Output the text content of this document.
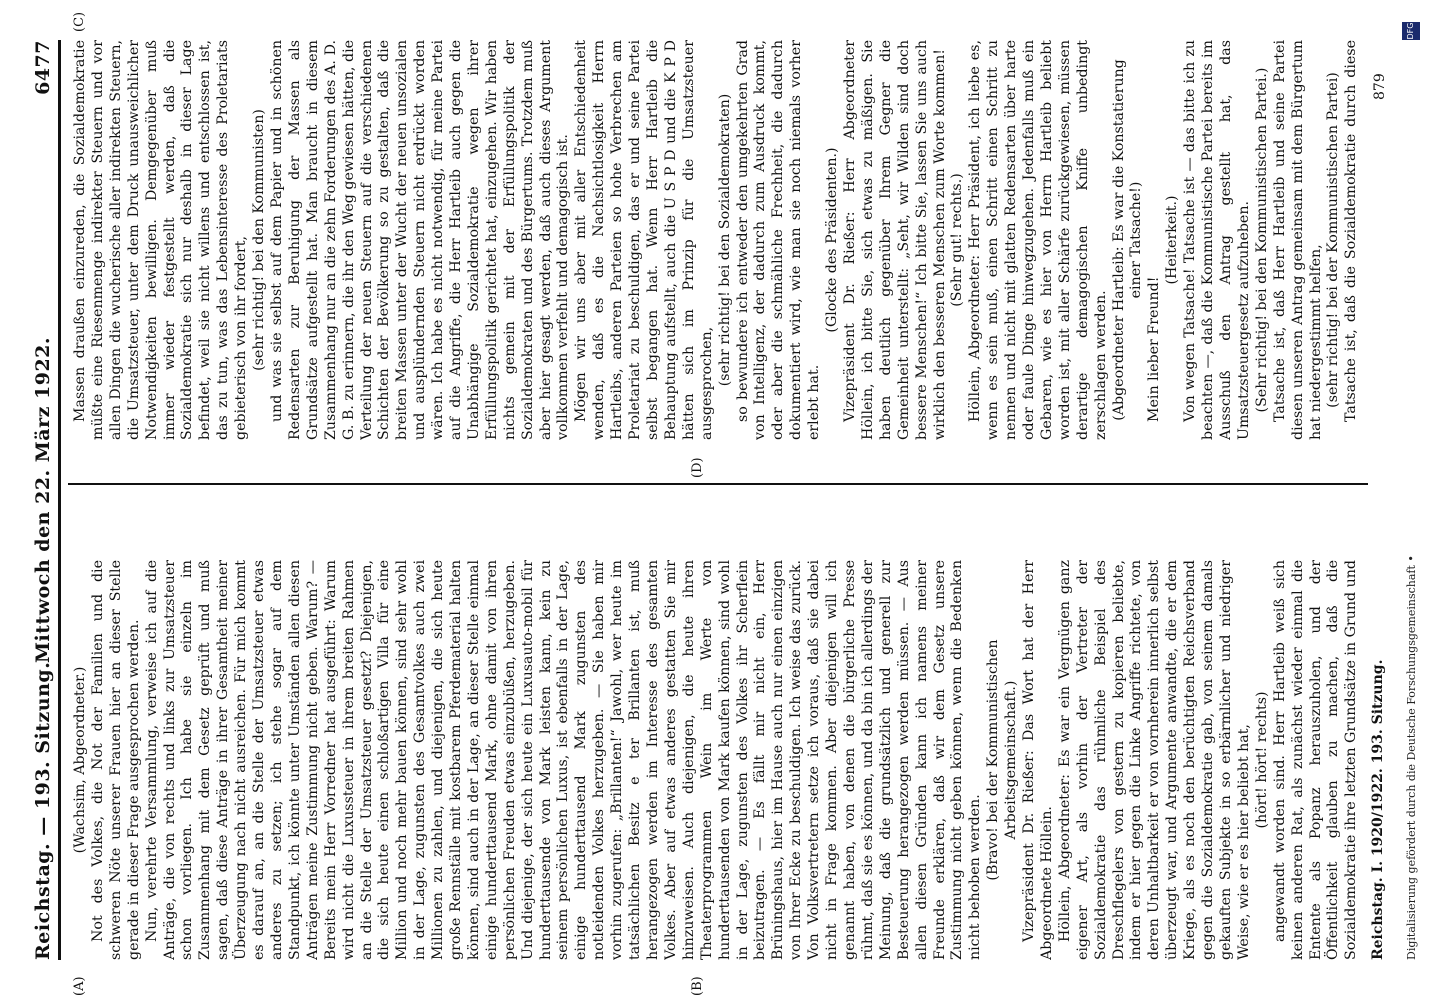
Reichstag. — 193. Sitzung.
Mittwoch den 22. März 1922.
6477
(A)	(B)
(C)
(D)

(Wachsim, Abgeordneter.) Not des Volkes, die Not der Familien und die schweren Nöte unserer Frauen hier an dieser Stelle gerade in dieser Frage ausgesprochen werden. Nun, verehrte Versammlung, verweise ich auf die Anträge, die von rechts und links zur Umsatzsteuer schon vorliegen. Ich habe sie einzeln im Zusammenhang mit dem Gesetz geprüft und muß sagen, daß diese Anträge in ihrer Gesamtheit meiner Überzeugung nach nicht ausreichen. Für mich kommt es darauf an, an die Stelle der Umsatzsteuer etwas anderes zu setzen; ich stehe sogar auf dem Standpunkt, ich könnte unter Umständen allen diesen Anträgen meine Zustimmung nicht geben. Warum? — Bereits mein Herr Vorredner hat ausgeführt: Warum wird nicht die Luxussteuer in ihrem breiten Rahmen an die Stelle der Umsatzsteuer gesetzt? Diejenigen, die sich heute einen schloßartigen Villa für eine Million und noch mehr bauen können, sind sehr wohl in der Lage, zugunsten des Gesamtvolkes auch zwei Millionen zu zahlen, und diejenigen, die sich heute große Rennställe mit kostbarem Pferdematerial halten können, sind auch in der Lage, an dieser Stelle einmal einige hunderttausend Mark, ohne damit von ihren persönlichen Freuden etwas einzubüßen, herzugeben. Und diejenige, der sich heute ein Luxusauto-mobil für hunderttausende von Mark leisten kann, kein zu seinem persönlichen Luxus, ist ebenfalls in der Lage, einige hunderttausend Mark zugunsten des notleidenden Volkes herzugeben. — Sie haben mir vorhin zugerufen: „Brillanten!“ Jawohl, wer heute im tatsächlichen Besitz e ter Brillanten ist, muß herangezogen werden im Interesse des gesamten Volkes. Aber auf etwas anderes gestatten Sie mir hinzuweisen. Auch diejenigen, die heute ihren Theaterprogrammen Wein im Werte von hunderttausenden von Mark kaufen können, sind wohl in der Lage, zugunsten des Volkes ihr Scherflein beizutragen. — Es fällt mir nicht ein, Herr Brüningshaus, hier im Hause auch nur einen einzigen von Ihrer Ecke zu beschuldigen. Ich weise das zurück. Von Volksvertretern setze ich voraus, daß sie dabei nicht in Frage kommen. Aber diejenigen will ich genannt haben, von denen die bürgerliche Presse rühmt, daß sie es können, und da bin ich allerdings der Meinung, daß die grundsätzlich und generell zur Besteuerung herangezogen werden müssen. — Aus allen diesen Gründen kann ich namens meiner Freunde erklären, daß wir dem Gesetz unsere Zustimmung nicht geben können, wenn die Bedenken nicht behoben werden. (Bravo! bei der Kommunistischen Arbeitsgemeinschaft.) Vizepräsident Dr. Rießer: Das Wort hat der Herr Abgeordnete Höllein. Höllein, Abgeordneter: Es war ein Vergnügen ganz eigener Art, als vorhin der Vertreter der Sozialdemokratie das rühmliche Beispiel des Dreschflegelers von gestern zu kopieren beliebte, indem er hier gegen die Linke Angriffe richtete, von deren Unhaltbarkeit er von vornherein innerlich selbst überzeugt war, und Argumente anwandte, die er dem Kriege, als es noch den berüchtigten Reichsverband gegen die Sozialdemokratie gab, von seinem damals gekauften Subjekte in so erbärmlicher und niedriger Weise, wie er es hier beliebt hat, (hört! hört! rechts)

angewandt worden sind. Herr Hartleib weiß sich keinen anderen Rat, als zunächst wieder einmal die Entente als Popanz herauszuholen, und der Öffentlichkeit glauben zu machen, daß die Sozialdemokratie ihre letzten Grundsätze in Grund und

Massen draußen einzureden, die Sozialdemokratie müßte eine Riesenmenge indirekter Steuern und vor allen Dingen die wucherische aller indirekten Steuern, die Umsatzsteuer, unter dem Druck unausweichlicher Notwendigkeiten bewilligen. Demgegenüber muß immer wieder festgestellt werden, daß die Sozialdemokratie sich nur deshalb in dieser Lage befindet, weil sie nicht willens und entschlossen ist, das zu tun, was das Lebensinteresse des Proletariats gebieterisch von ihr fordert, (sehr richtig! bei den Kommunisten) und was sie selbst auf dem Papier und in schönen Redensarten zur Beruhigung der Massen als Grundsätze aufgestellt hat. Man braucht in diesem Zusammenhang nur an die zehn Forderungen des A. D. G. B. zu erinnern, die ihr den Weg gewiesen hätten, die Verteilung der neuen Steuern auf die verschiedenen Schichten der Bevölkerung so zu gestalten, daß die breiten Massen unter der Wucht der neuen unsozialen und ausplündernden Steuern nicht erdrückt worden wären. Ich habe es nicht notwendig, für meine Partei auf die Angriffe, die Herr Hartleib auch gegen die Unabhängige Sozialdemokratie wegen ihrer Erfüllungspolitik gerichtet hat, einzugehen. Wir haben nichts gemein mit der Erfüllungspolitik der Sozialdemokraten und des Bürgertums. Trotzdem muß aber hier gesagt werden, daß auch dieses Argument vollkommen verfehlt und demagogisch ist. Mögen wir uns aber mit aller Entschiedenheit wenden, daß es die Nachsichtlosigkeit Herrn Hartleibs, anderen Parteien so hohe Verbrechen am Proletariat zu beschuldigen, das er und seine Partei selbst begangen hat. Wenn Herr Hartleib die Behauptung aufstellt, auch die U S P D und die K P D hätten sich im Prinzip für die Umsatzsteuer ausgesprochen, (sehr richtig! bei den Sozialdemokraten) so bewundere ich entweder den umgekehrten Grad von Intelligenz, der dadurch zum Ausdruck kommt, oder aber die schmähliche Frechheit, die dadurch dokumentiert wird, wie man sie noch niemals vorher erlebt hat.

(Glocke des Präsidenten.) Vizepräsident Dr. Rießer: Herr Abgeordneter Höllein, ich bitte Sie, sich etwas zu mäßigen. Sie haben deutlich gegenüber Ihrem Gegner die Gemeinheit unterstellt: „Seht, wir Wilden sind doch bessere Menschen!“ Ich bitte Sie, lassen Sie uns auch wirklich den besseren Menschen zum Worte kommen! (Sehr gut! rechts.) Höllein, Abgeordneter: Herr Präsident, ich liebe es, wenn es sein muß, einen Schritt einen Schritt zu nennen und nicht mit glatten Redensarten über harte oder faule Dinge hinwegzugehen. Jedenfalls muß ein Gebaren, wie es hier von Herrn Hartleib beliebt worden ist, mit aller Schärfe zurückgewiesen, müssen derartige demagogischen Kniffe unbedingt zerschlagen werden. (Abgeordneter Hartleib: Es war die Konstatierung einer Tatsache!)

Mein lieber Freund!

(Heiterkeit.) Von wegen Tatsache! Tatsache ist — das bitte ich zu beachten —, daß die Kommunistische Partei bereits im Ausschuß den Antrag gestellt hat, das Umsatzsteuergesetz aufzuheben. (Sehr richtig! bei den Kommunistischen Partei.) Tatsache ist, daß Herr Hartleib und seine Partei diesen unseren Antrag gemeinsam mit dem Bürgertum hat niedergestimmt helfen, (sehr richtig! bei der Kommunistischen Partei) Tatsache ist, daß die Sozialdemokratie durch diese

Reichstag. I. 1920/1922. 193. Sitzung.
879
Digitalisierung gefördert durch die Deutsche Forschungsgemeinschaft •
DFG
